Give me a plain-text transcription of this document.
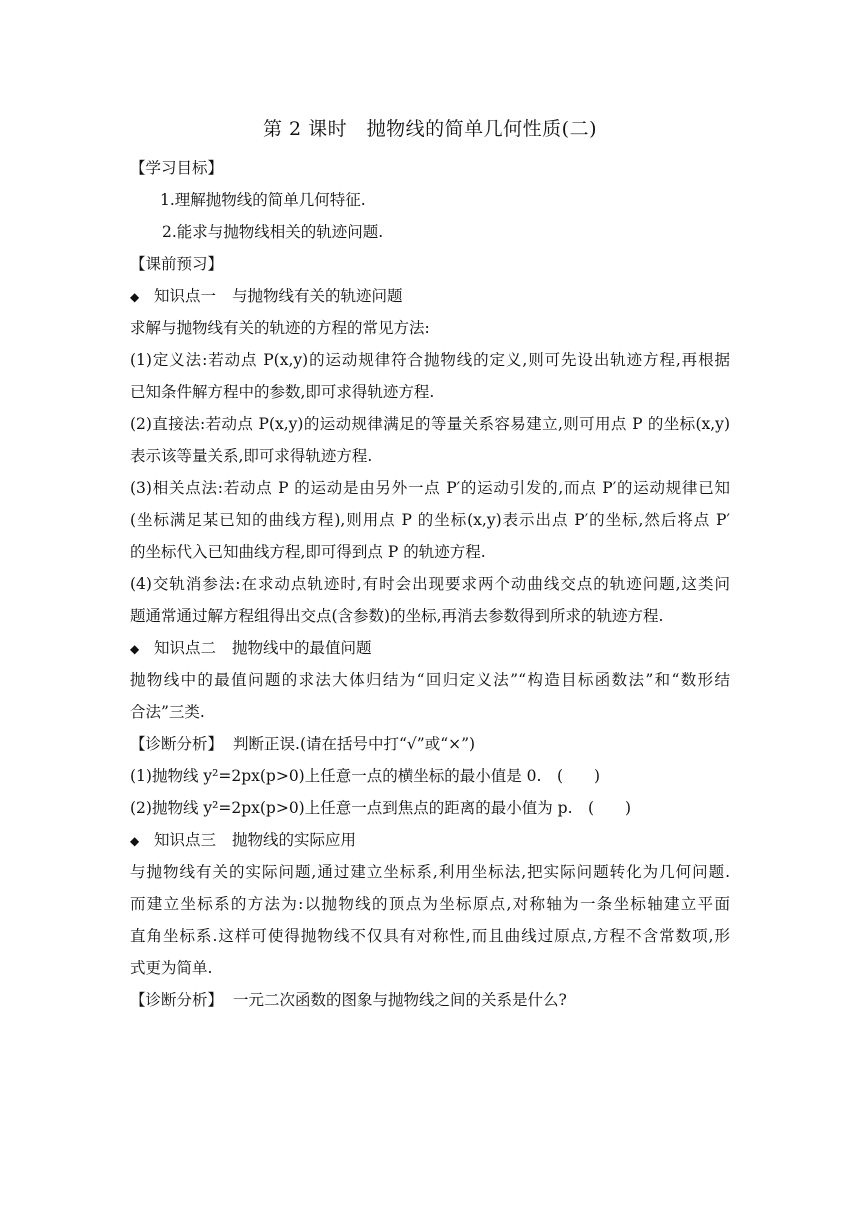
第 2 课时　抛物线的简单几何性质(二)
【学习目标】
1.理解抛物线的简单几何特征.
2.能求与抛物线相关的轨迹问题.
【课前预习】
◆ 知识点一 与抛物线有关的轨迹问题
求解与抛物线有关的轨迹的方程的常见方法:
(1)定义法:若动点 P(x,y)的运动规律符合抛物线的定义,则可先设出轨迹方程,再根据
已知条件解方程中的参数,即可求得轨迹方程.
(2)直接法:若动点 P(x,y)的运动规律满足的等量关系容易建立,则可用点 P 的坐标(x,y)
表示该等量关系,即可求得轨迹方程.
(3)相关点法:若动点 P 的运动是由另外一点 P′的运动引发的,而点 P′的运动规律已知
(坐标满足某已知的曲线方程),则用点 P 的坐标(x,y)表示出点 P′的坐标,然后将点 P′
的坐标代入已知曲线方程,即可得到点 P 的轨迹方程.
(4)交轨消参法:在求动点轨迹时,有时会出现要求两个动曲线交点的轨迹问题,这类问
题通常通过解方程组得出交点(含参数)的坐标,再消去参数得到所求的轨迹方程.
◆ 知识点二 抛物线中的最值问题
抛物线中的最值问题的求法大体归结为“回归定义法”“构造目标函数法”和“数形结
合法”三类.
【诊断分析】 判断正误.(请在括号中打“√”或“×”)
(1)抛物线 y²=2px(p>0)上任意一点的横坐标的最小值是 0.　(　　)
(2)抛物线 y²=2px(p>0)上任意一点到焦点的距离的最小值为 p.　(　　)
◆ 知识点三 抛物线的实际应用
与抛物线有关的实际问题,通过建立坐标系,利用坐标法,把实际问题转化为几何问题.
而建立坐标系的方法为:以抛物线的顶点为坐标原点,对称轴为一条坐标轴建立平面
直角坐标系.这样可使得抛物线不仅具有对称性,而且曲线过原点,方程不含常数项,形
式更为简单.
【诊断分析】 一元二次函数的图象与抛物线之间的关系是什么?
